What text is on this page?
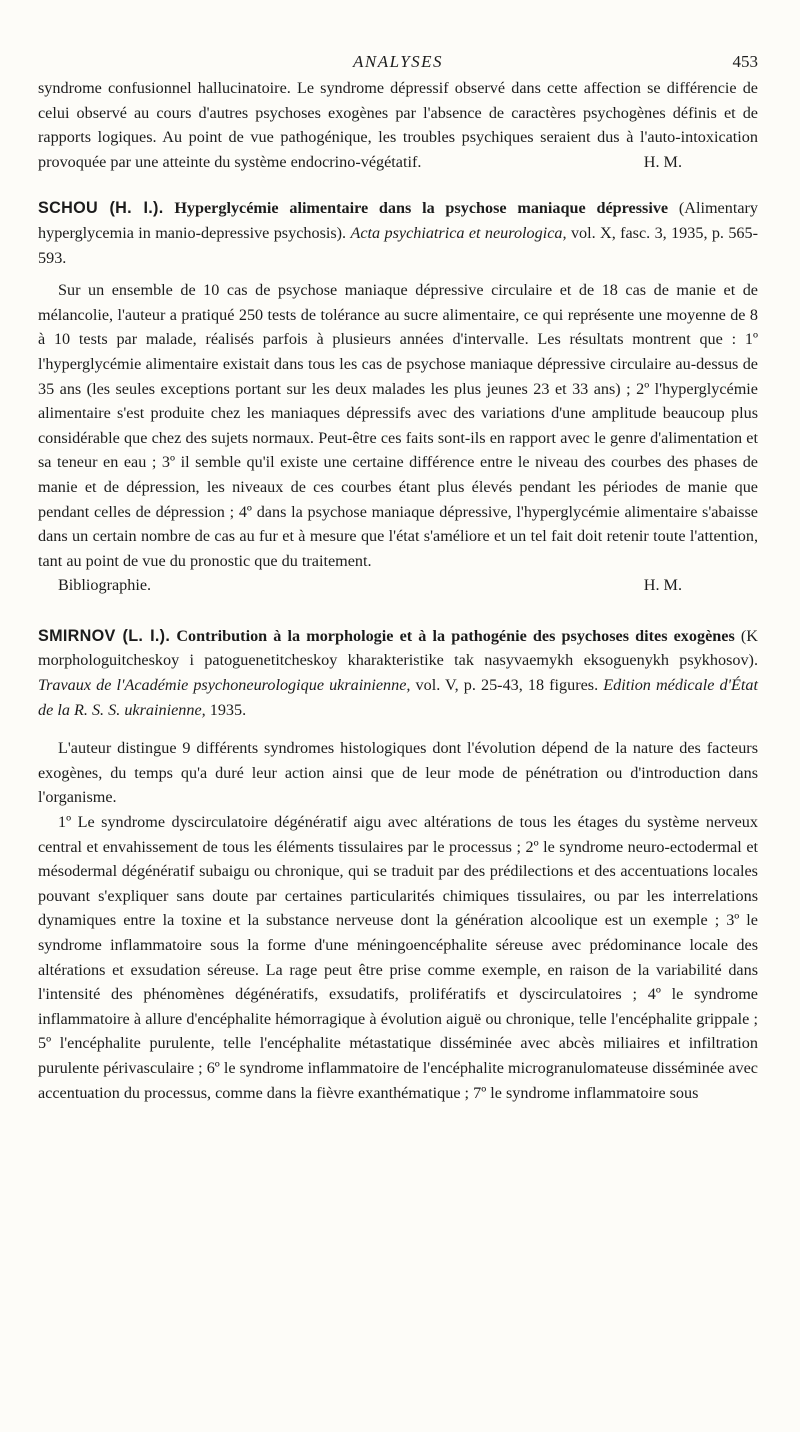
ANALYSES	453

syndrome confusionnel hallucinatoire. Le syndrome dépressif observé dans cette affection se différencie de celui observé au cours d'autres psychoses exogènes par l'absence de caractères psychogènes définis et de rapports logiques. Au point de vue pathogénique, les troubles psychiques seraient dus à l'auto-intoxication provoquée par une atteinte du système endocrino-végétatif.	H. M.

SCHOU (H. I.). Hyperglycémie alimentaire dans la psychose maniaque dépressive (Alimentary hyperglycemia in manio-depressive psychosis). Acta psychiatrica et neurologica, vol. X, fasc. 3, 1935, p. 565-593.

Sur un ensemble de 10 cas de psychose maniaque dépressive circulaire et de 18 cas de manie et de mélancolie, l'auteur a pratiqué 250 tests de tolérance au sucre alimentaire, ce qui représente une moyenne de 8 à 10 tests par malade, réalisés parfois à plusieurs années d'intervalle. Les résultats montrent que : 1º l'hyperglycémie alimentaire existait dans tous les cas de psychose maniaque dépressive circulaire au-dessus de 35 ans (les seules exceptions portant sur les deux malades les plus jeunes 23 et 33 ans) ; 2º l'hyperglycémie alimentaire s'est produite chez les maniaques dépressifs avec des variations d'une amplitude beaucoup plus considérable que chez des sujets normaux. Peut-être ces faits sont-ils en rapport avec le genre d'alimentation et sa teneur en eau ; 3º il semble qu'il existe une certaine différence entre le niveau des courbes des phases de manie et de dépression, les niveaux de ces courbes étant plus élevés pendant les périodes de manie que pendant celles de dépression ; 4º dans la psychose maniaque dépressive, l'hyperglycémie alimentaire s'abaisse dans un certain nombre de cas au fur et à mesure que l'état s'améliore et un tel fait doit retenir toute l'attention, tant au point de vue du pronostic que du traitement.

Bibliographie.	H. M.

SMIRNOV (L. I.). Contribution à la morphologie et à la pathogénie des psychoses dites exogènes (K morphologuitcheskoy i patoguenetitcheskoy kharakteristike tak nasyvaemykh eksoguenykh psykhosov). Travaux de l'Académie psychoneurologique ukrainienne, vol. V, p. 25-43, 18 figures. Edition médicale d'État de la R. S. S. ukrainienne, 1935.

L'auteur distingue 9 différents syndromes histologiques dont l'évolution dépend de la nature des facteurs exogènes, du temps qu'a duré leur action ainsi que de leur mode de pénétration ou d'introduction dans l'organisme.

1º Le syndrome dyscirculatoire dégénératif aigu avec altérations de tous les étages du système nerveux central et envahissement de tous les éléments tissulaires par le processus ; 2º le syndrome neuro-ectodermal et mésodermal dégénératif subaigu ou chronique, qui se traduit par des prédilections et des accentuations locales pouvant s'expliquer sans doute par certaines particularités chimiques tissulaires, ou par les interrelations dynamiques entre la toxine et la substance nerveuse dont la génération alcoolique est un exemple ; 3º le syndrome inflammatoire sous la forme d'une méningoencéphalite séreuse avec prédominance locale des altérations et exsudation séreuse. La rage peut être prise comme exemple, en raison de la variabilité dans l'intensité des phénomènes dégénératifs, exsudatifs, prolifératifs et dyscirculatoires ; 4º le syndrome inflammatoire à allure d'encéphalite hémorragique à évolution aiguë ou chronique, telle l'encéphalite grippale ; 5º l'encéphalite purulente, telle l'encéphalite métastatique disséminée avec abcès miliaires et infiltration purulente périvasculaire ; 6º le syndrome inflammatoire de l'encéphalite microgranulomateuse disséminée avec accentuation du processus, comme dans la fièvre exanthématique ; 7º le syndrome inflammatoire sous
